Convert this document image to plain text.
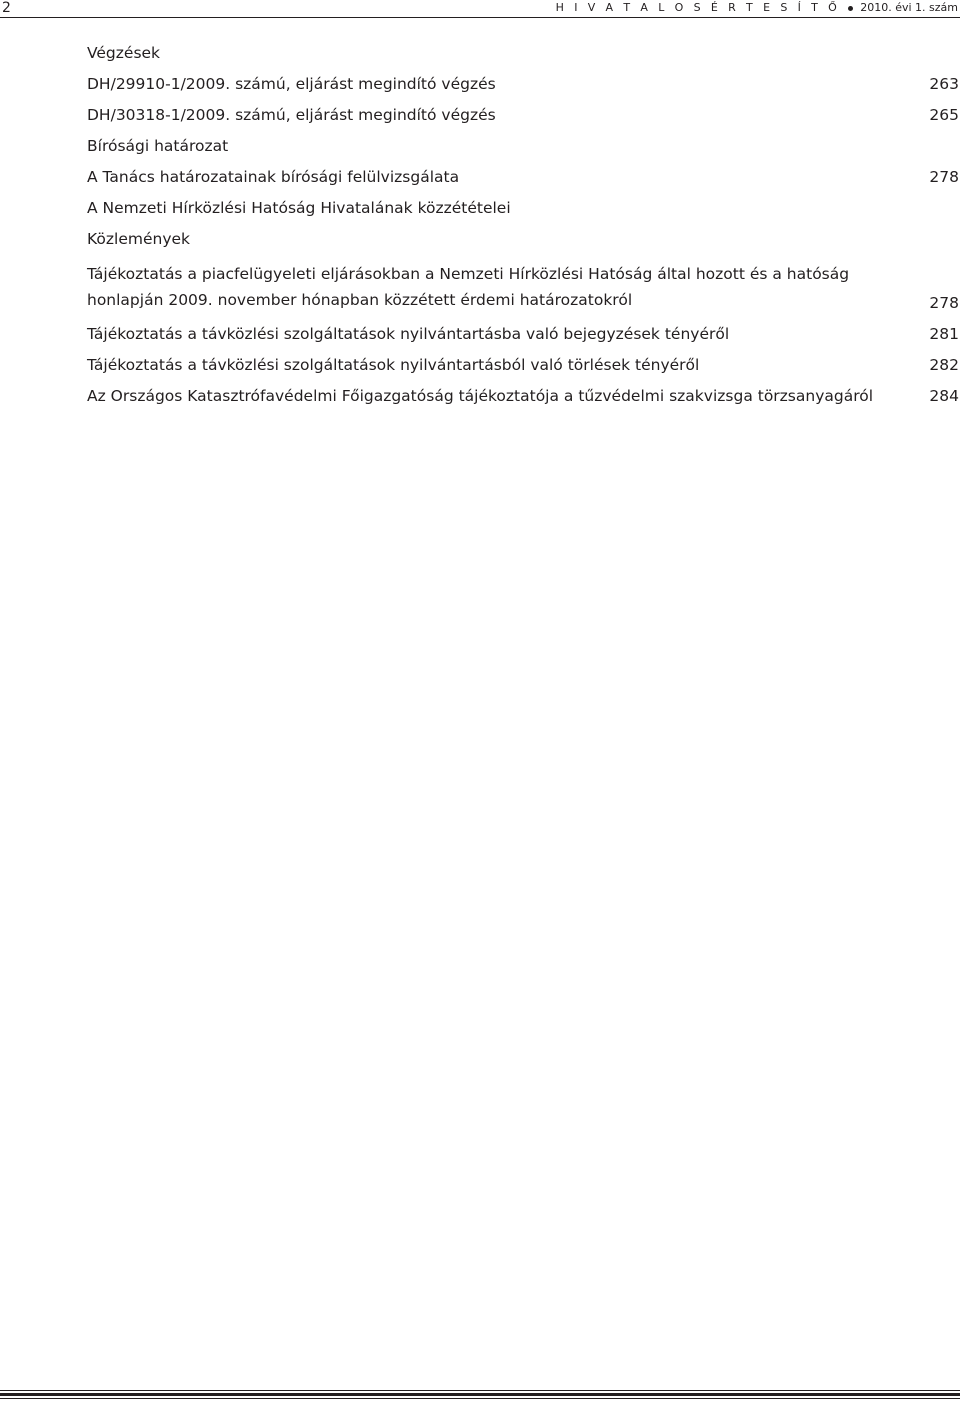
2	H I V A T A L O S É R T E S Í T Ő 2010. évi 1. szám
Végzések
DH/29910-1/2009. számú, eljárást megindító végzés	263
DH/30318-1/2009. számú, eljárást megindító végzés	265
Bírósági határozat
A Tanács határozatainak bírósági felülvizsgálata	278
A Nemzeti Hírközlési Hatóság Hivatalának közzétételei
Közlemények
Tájékoztatás a piacfelügyeleti eljárásokban a Nemzeti Hírközlési Hatóság által hozott és a hatóság honlapján 2009. november hónapban közzétett érdemi határozatokról	278
Tájékoztatás a távközlési szolgáltatások nyilvántartásba való bejegyzések tényéről	281
Tájékoztatás a távközlési szolgáltatások nyilvántartásból való törlések tényéről	282
Az Országos Katasztrófavédelmi Főigazgatóság tájékoztatója a tűzvédelmi szakvizsga törzsanyagáról	284
